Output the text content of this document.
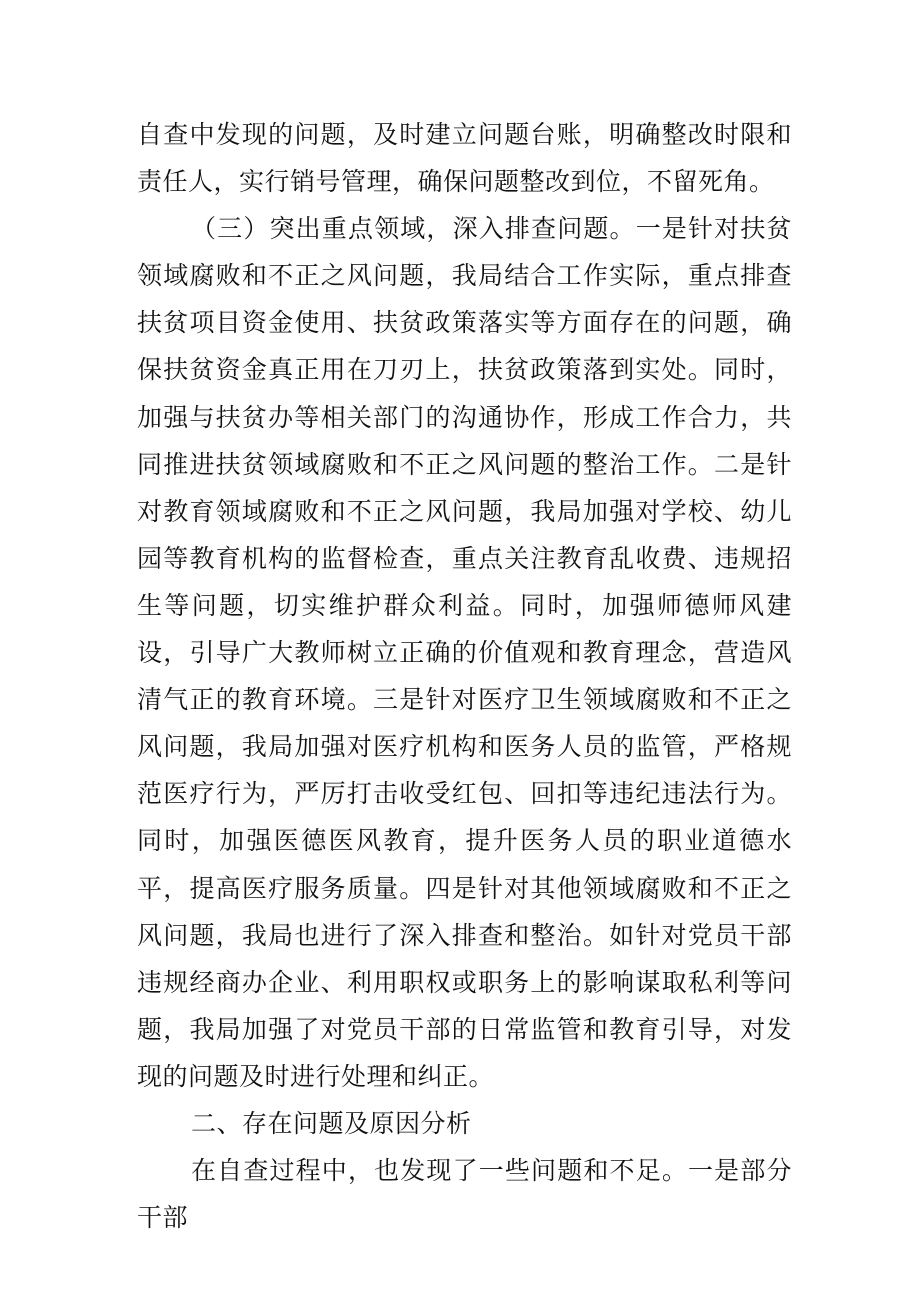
自查中发现的问题，及时建立问题台账，明确整改时限和责任人，实行销号管理，确保问题整改到位，不留死角。

（三）突出重点领域，深入排查问题。一是针对扶贫领域腐败和不正之风问题，我局结合工作实际，重点排查扶贫项目资金使用、扶贫政策落实等方面存在的问题，确保扶贫资金真正用在刀刃上，扶贫政策落到实处。同时，加强与扶贫办等相关部门的沟通协作，形成工作合力，共同推进扶贫领域腐败和不正之风问题的整治工作。二是针对教育领域腐败和不正之风问题，我局加强对学校、幼儿园等教育机构的监督检查，重点关注教育乱收费、违规招生等问题，切实维护群众利益。同时，加强师德师风建设，引导广大教师树立正确的价值观和教育理念，营造风清气正的教育环境。三是针对医疗卫生领域腐败和不正之风问题，我局加强对医疗机构和医务人员的监管，严格规范医疗行为，严厉打击收受红包、回扣等违纪违法行为。同时，加强医德医风教育，提升医务人员的职业道德水平，提高医疗服务质量。四是针对其他领域腐败和不正之风问题，我局也进行了深入排查和整治。如针对党员干部违规经商办企业、利用职权或职务上的影响谋取私利等问题，我局加强了对党员干部的日常监管和教育引导，对发现的问题及时进行处理和纠正。

二、存在问题及原因分析

在自查过程中，也发现了一些问题和不足。一是部分干部
